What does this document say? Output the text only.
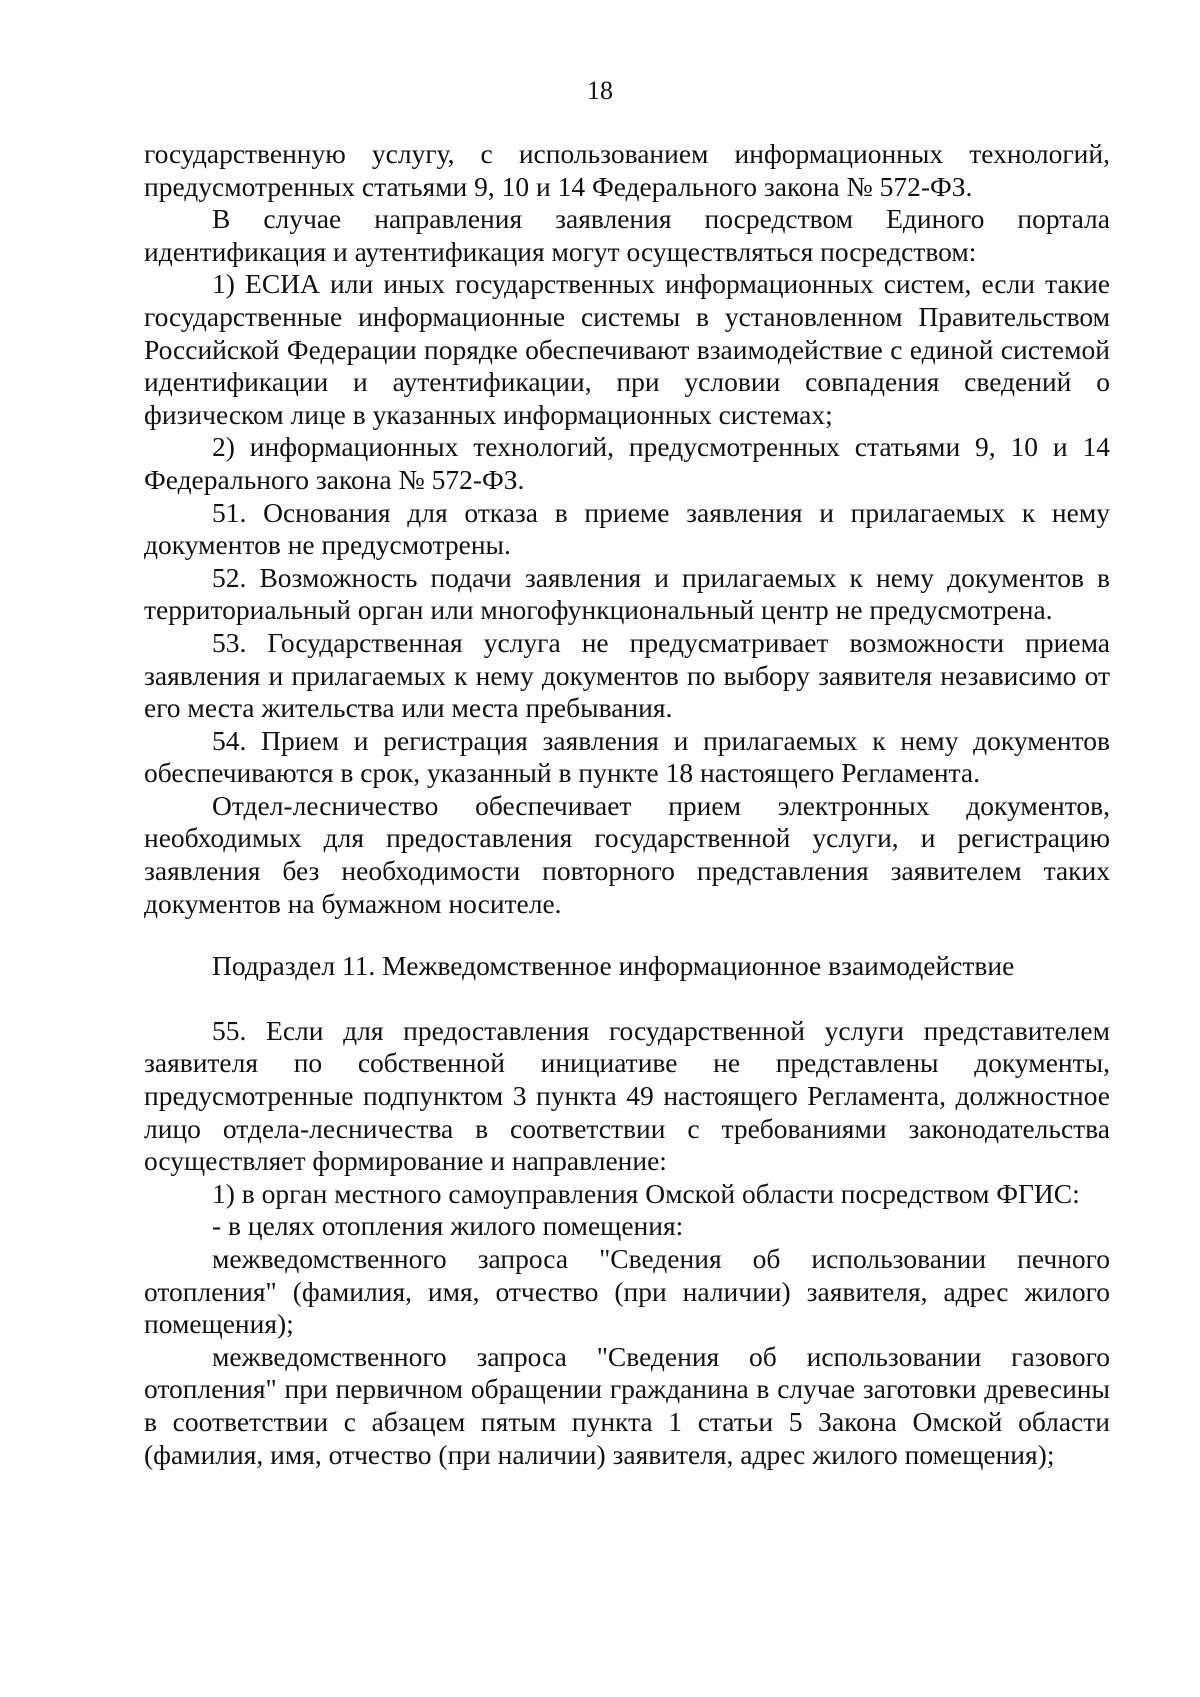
18

государственную услугу, с использованием информационных технологий, предусмотренных статьями 9, 10 и 14 Федерального закона № 572-ФЗ.

В случае направления заявления посредством Единого портала идентификация и аутентификация могут осуществляться посредством:

1) ЕСИА или иных государственных информационных систем, если такие государственные информационные системы в установленном Правительством Российской Федерации порядке обеспечивают взаимодействие с единой системой идентификации и аутентификации, при условии совпадения сведений о физическом лице в указанных информационных системах;

2) информационных технологий, предусмотренных статьями 9, 10 и 14 Федерального закона № 572-ФЗ.

51. Основания для отказа в приеме заявления и прилагаемых к нему документов не предусмотрены.

52. Возможность подачи заявления и прилагаемых к нему документов в территориальный орган или многофункциональный центр не предусмотрена.

53. Государственная услуга не предусматривает возможности приема заявления и прилагаемых к нему документов по выбору заявителя независимо от его места жительства или места пребывания.

54. Прием и регистрация заявления и прилагаемых к нему документов обеспечиваются в срок, указанный в пункте 18 настоящего Регламента.

Отдел-лесничество обеспечивает прием электронных документов, необходимых для предоставления государственной услуги, и регистрацию заявления без необходимости повторного представления заявителем таких документов на бумажном носителе.

Подраздел 11. Межведомственное информационное взаимодействие

55. Если для предоставления государственной услуги представителем заявителя по собственной инициативе не представлены документы, предусмотренные подпунктом 3 пункта 49 настоящего Регламента, должностное лицо отдела-лесничества в соответствии с требованиями законодательства осуществляет формирование и направление:

1) в орган местного самоуправления Омской области посредством ФГИС:

- в целях отопления жилого помещения:

межведомственного запроса "Сведения об использовании печного отопления" (фамилия, имя, отчество (при наличии) заявителя, адрес жилого помещения);

межведомственного запроса "Сведения об использовании газового отопления" при первичном обращении гражданина в случае заготовки древесины в соответствии с абзацем пятым пункта 1 статьи 5 Закона Омской области (фамилия, имя, отчество (при наличии) заявителя, адрес жилого помещения);
